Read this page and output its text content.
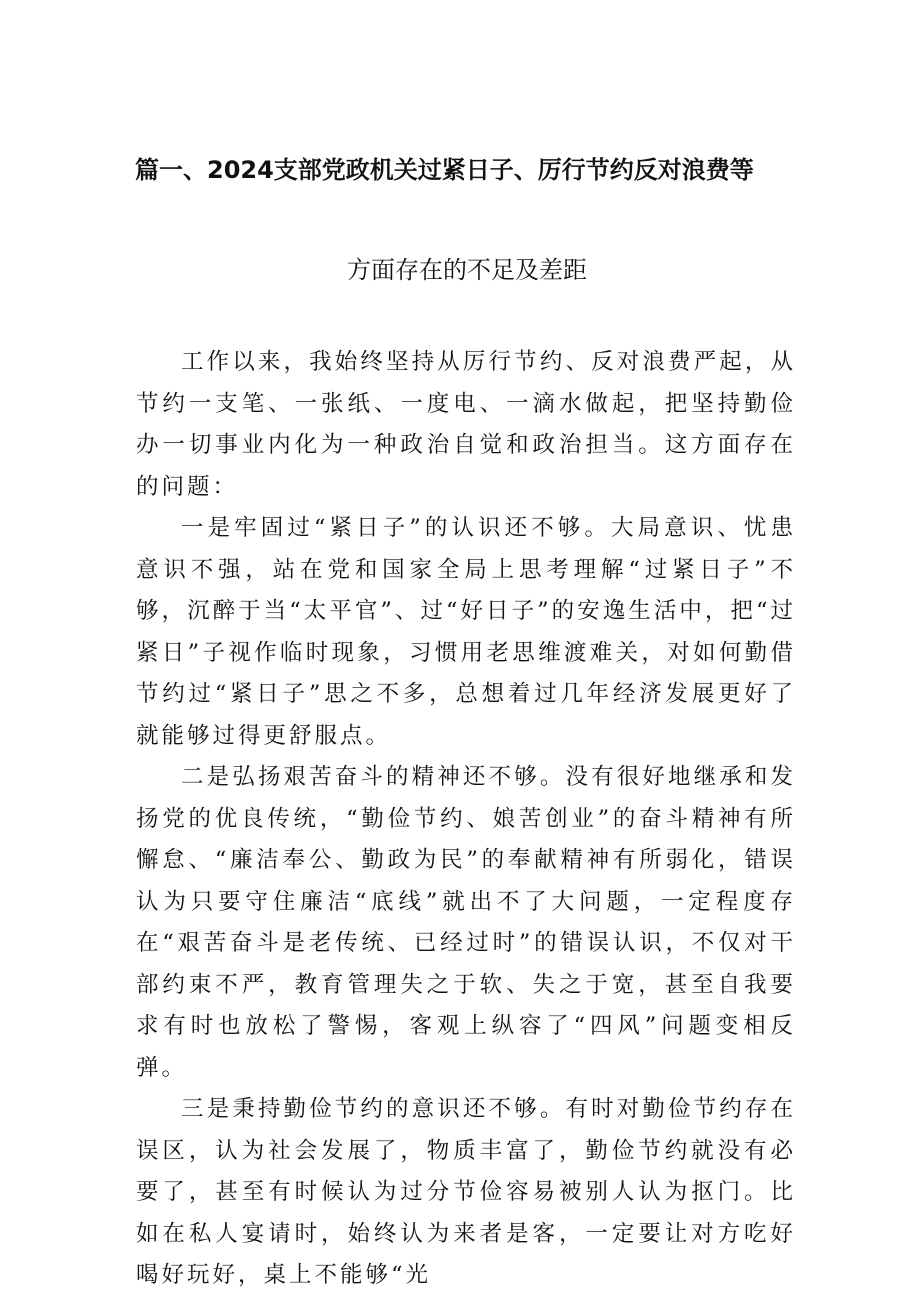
篇一、2024支部党政机关过紧日子、厉行节约反对浪费等
方面存在的不足及差距

工作以来，我始终坚持从厉行节约、反对浪费严起，从节约一支笔、一张纸、一度电、一滴水做起，把坚持勤俭办一切事业内化为一种政治自觉和政治担当。这方面存在的问题：

一是牢固过“紧日子”的认识还不够。大局意识、忧患意识不强，站在党和国家全局上思考理解“过紧日子”不够，沉醉于当“太平官”、过“好日子”的安逸生活中，把“过紧日”子视作临时现象，习惯用老思维渡难关，对如何勤借节约过“紧日子”思之不多，总想着过几年经济发展更好了就能够过得更舒服点。

二是弘扬艰苦奋斗的精神还不够。没有很好地继承和发扬党的优良传统，“勤俭节约、娘苦创业”的奋斗精神有所懈怠、“廉洁奉公、勤政为民”的奉献精神有所弱化，错误认为只要守住廉洁“底线”就出不了大问题，一定程度存在“艰苦奋斗是老传统、已经过时”的错误认识，不仅对干部约束不严，教育管理失之于软、失之于宽，甚至自我要求有时也放松了警惕，客观上纵容了“四风”问题变相反弹。

三是秉持勤俭节约的意识还不够。有时对勤俭节约存在误区，认为社会发展了，物质丰富了，勤俭节约就没有必要了，甚至有时候认为过分节俭容易被别人认为抠门。比如在私人宴请时，始终认为来者是客，一定要让对方吃好喝好玩好，桌上不能够“光
